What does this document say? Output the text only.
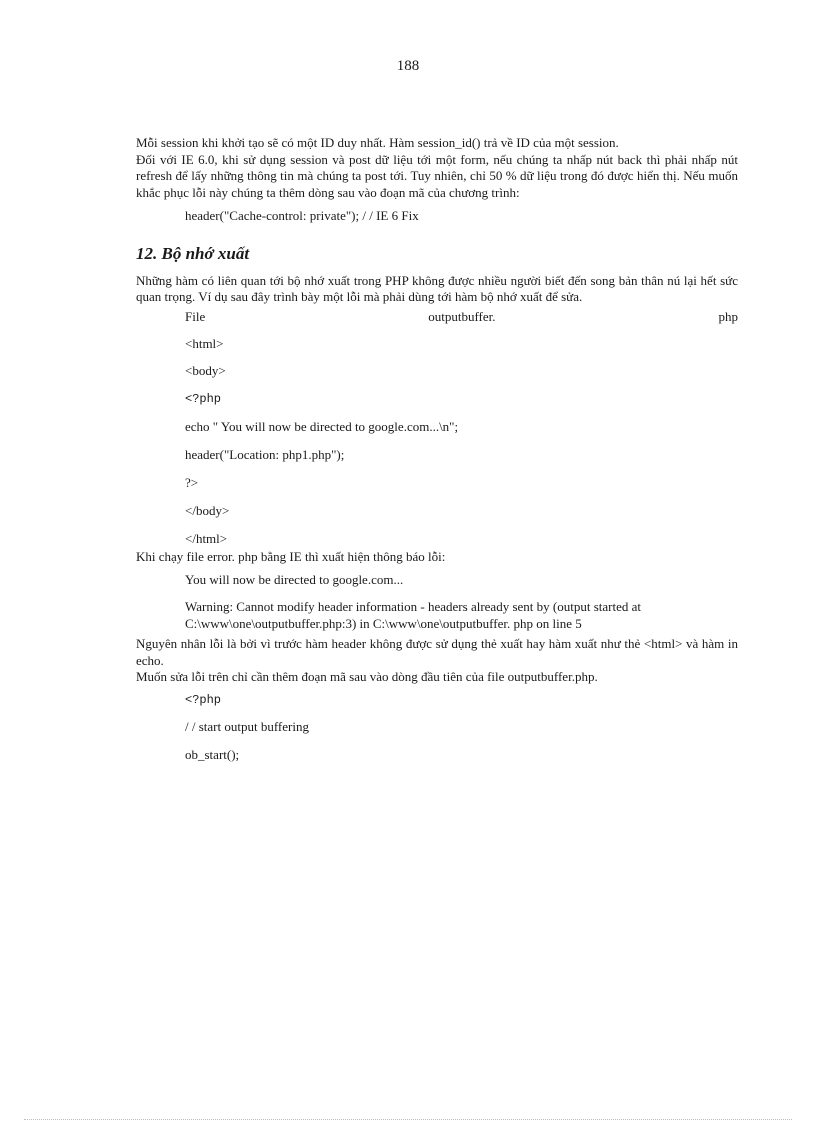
188

Mỗi session khi khởi tạo sẽ có một ID duy nhất. Hàm session_id() trả về ID của một session.

Đối với IE 6.0, khi sử dụng session và post dữ liệu tới một form, nếu chúng ta nhấp nút back thì phải nhấp nút refresh để lấy những thông tin mà chúng ta post tới. Tuy nhiên, chỉ 50 % dữ liệu trong đó được hiển thị. Nếu muốn khắc phục lỗi này chúng ta thêm dòng sau vào đoạn mã của chương trình:

header("Cache-control: private"); / / IE 6 Fix
12. Bộ nhớ xuất

Những hàm có liên quan tới bộ nhớ xuất trong PHP không được nhiều người biết đến song bản thân nú lại hết sức quan trọng. Ví dụ sau đây trình bày một lỗi mà phải dùng tới hàm bộ nhớ xuất để sửa.

File	outputbuffer.	php
<html>
<body>
<?php
echo " You will now be directed to google.com...\n";
header("Location: php1.php");
?>
</body>
</html>

Khi chạy file error. php bằng IE thì xuất hiện thông báo lỗi:

You will now be directed to google.com...
Warning: Cannot modify header information - headers already sent by (output started at
C:\www\one\outputbuffer.php:3) in C:\www\one\outputbuffer. php on line 5

Nguyên nhân lỗi là bởi vì trước hàm header không được sử dụng thẻ xuất hay hàm xuất như thẻ <html> và hàm in echo.

Muốn sửa lỗi trên chỉ cần thêm đoạn mã sau vào dòng đầu tiên của file outputbuffer.php.

<?php
/ / start output buffering
ob_start();
